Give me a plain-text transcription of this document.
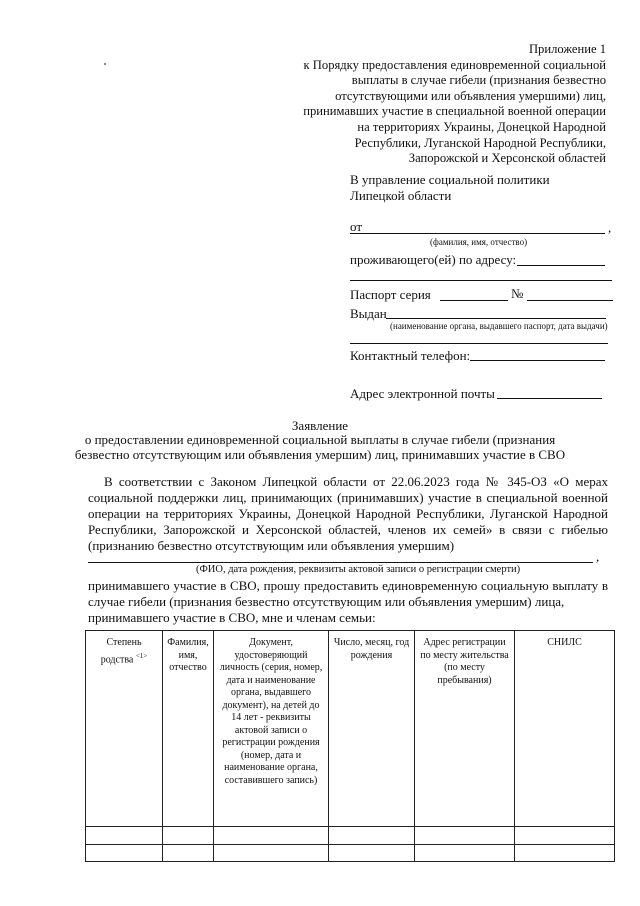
Приложение 1
к Порядку предоставления единовременной социальной
выплаты в случае гибели (признания безвестно
отсутствующими или объявления умершими) лиц,
принимавших участие в специальной военной операции
на территориях Украины, Донецкой Народной
Республики, Луганской Народной Республики,
Запорожской и Херсонской областей
В управление социальной политики
Липецкой области
от	,
(фамилия, имя, отчество)
проживающего(ей) по адресу:
Паспорт серия	№
Выдан
(наименование органа, выдавшего паспорт, дата выдачи)
Контактный телефон:
Адрес электронной почты
Заявление
о предоставлении единовременной социальной выплаты в случае гибели (признания
безвестно отсутствующим или объявления умершим) лиц, принимавших участие в СВО
В соответствии с Законом Липецкой области от 22.06.2023 года № 345-ОЗ «О мерах
социальной поддержки лиц, принимающих (принимавших) участие в специальной военной
операции на территориях Украины, Донецкой Народной Республики, Луганской Народной
Республики, Запорожской и Херсонской областей, членов их семей» в связи с гибелью
(признанию безвестно отсутствующим или объявления умершим)
,
(ФИО, дата рождения, реквизиты актовой записи о регистрации смерти)
принимавшего участие в СВО, прошу предоставить единовременную социальную выплату в
случае гибели (признания безвестно отсутствующим или объявления умершим) лица,
принимавшего участие в СВО, мне и членам семьи:
Степень родства $^{<1>}$	Фамилия, имя, отчество	Документ, удостоверяющий личность (серия, номер, дата и наименование органа, выдавшего документ), на детей до 14 лет - реквизиты актовой записи о регистрации рождения (номер, дата и наименование органа, составившего запись)	Число, месяц, год рождения	Адрес регистрации по месту жительства (по месту пребывания)	СНИЛС
